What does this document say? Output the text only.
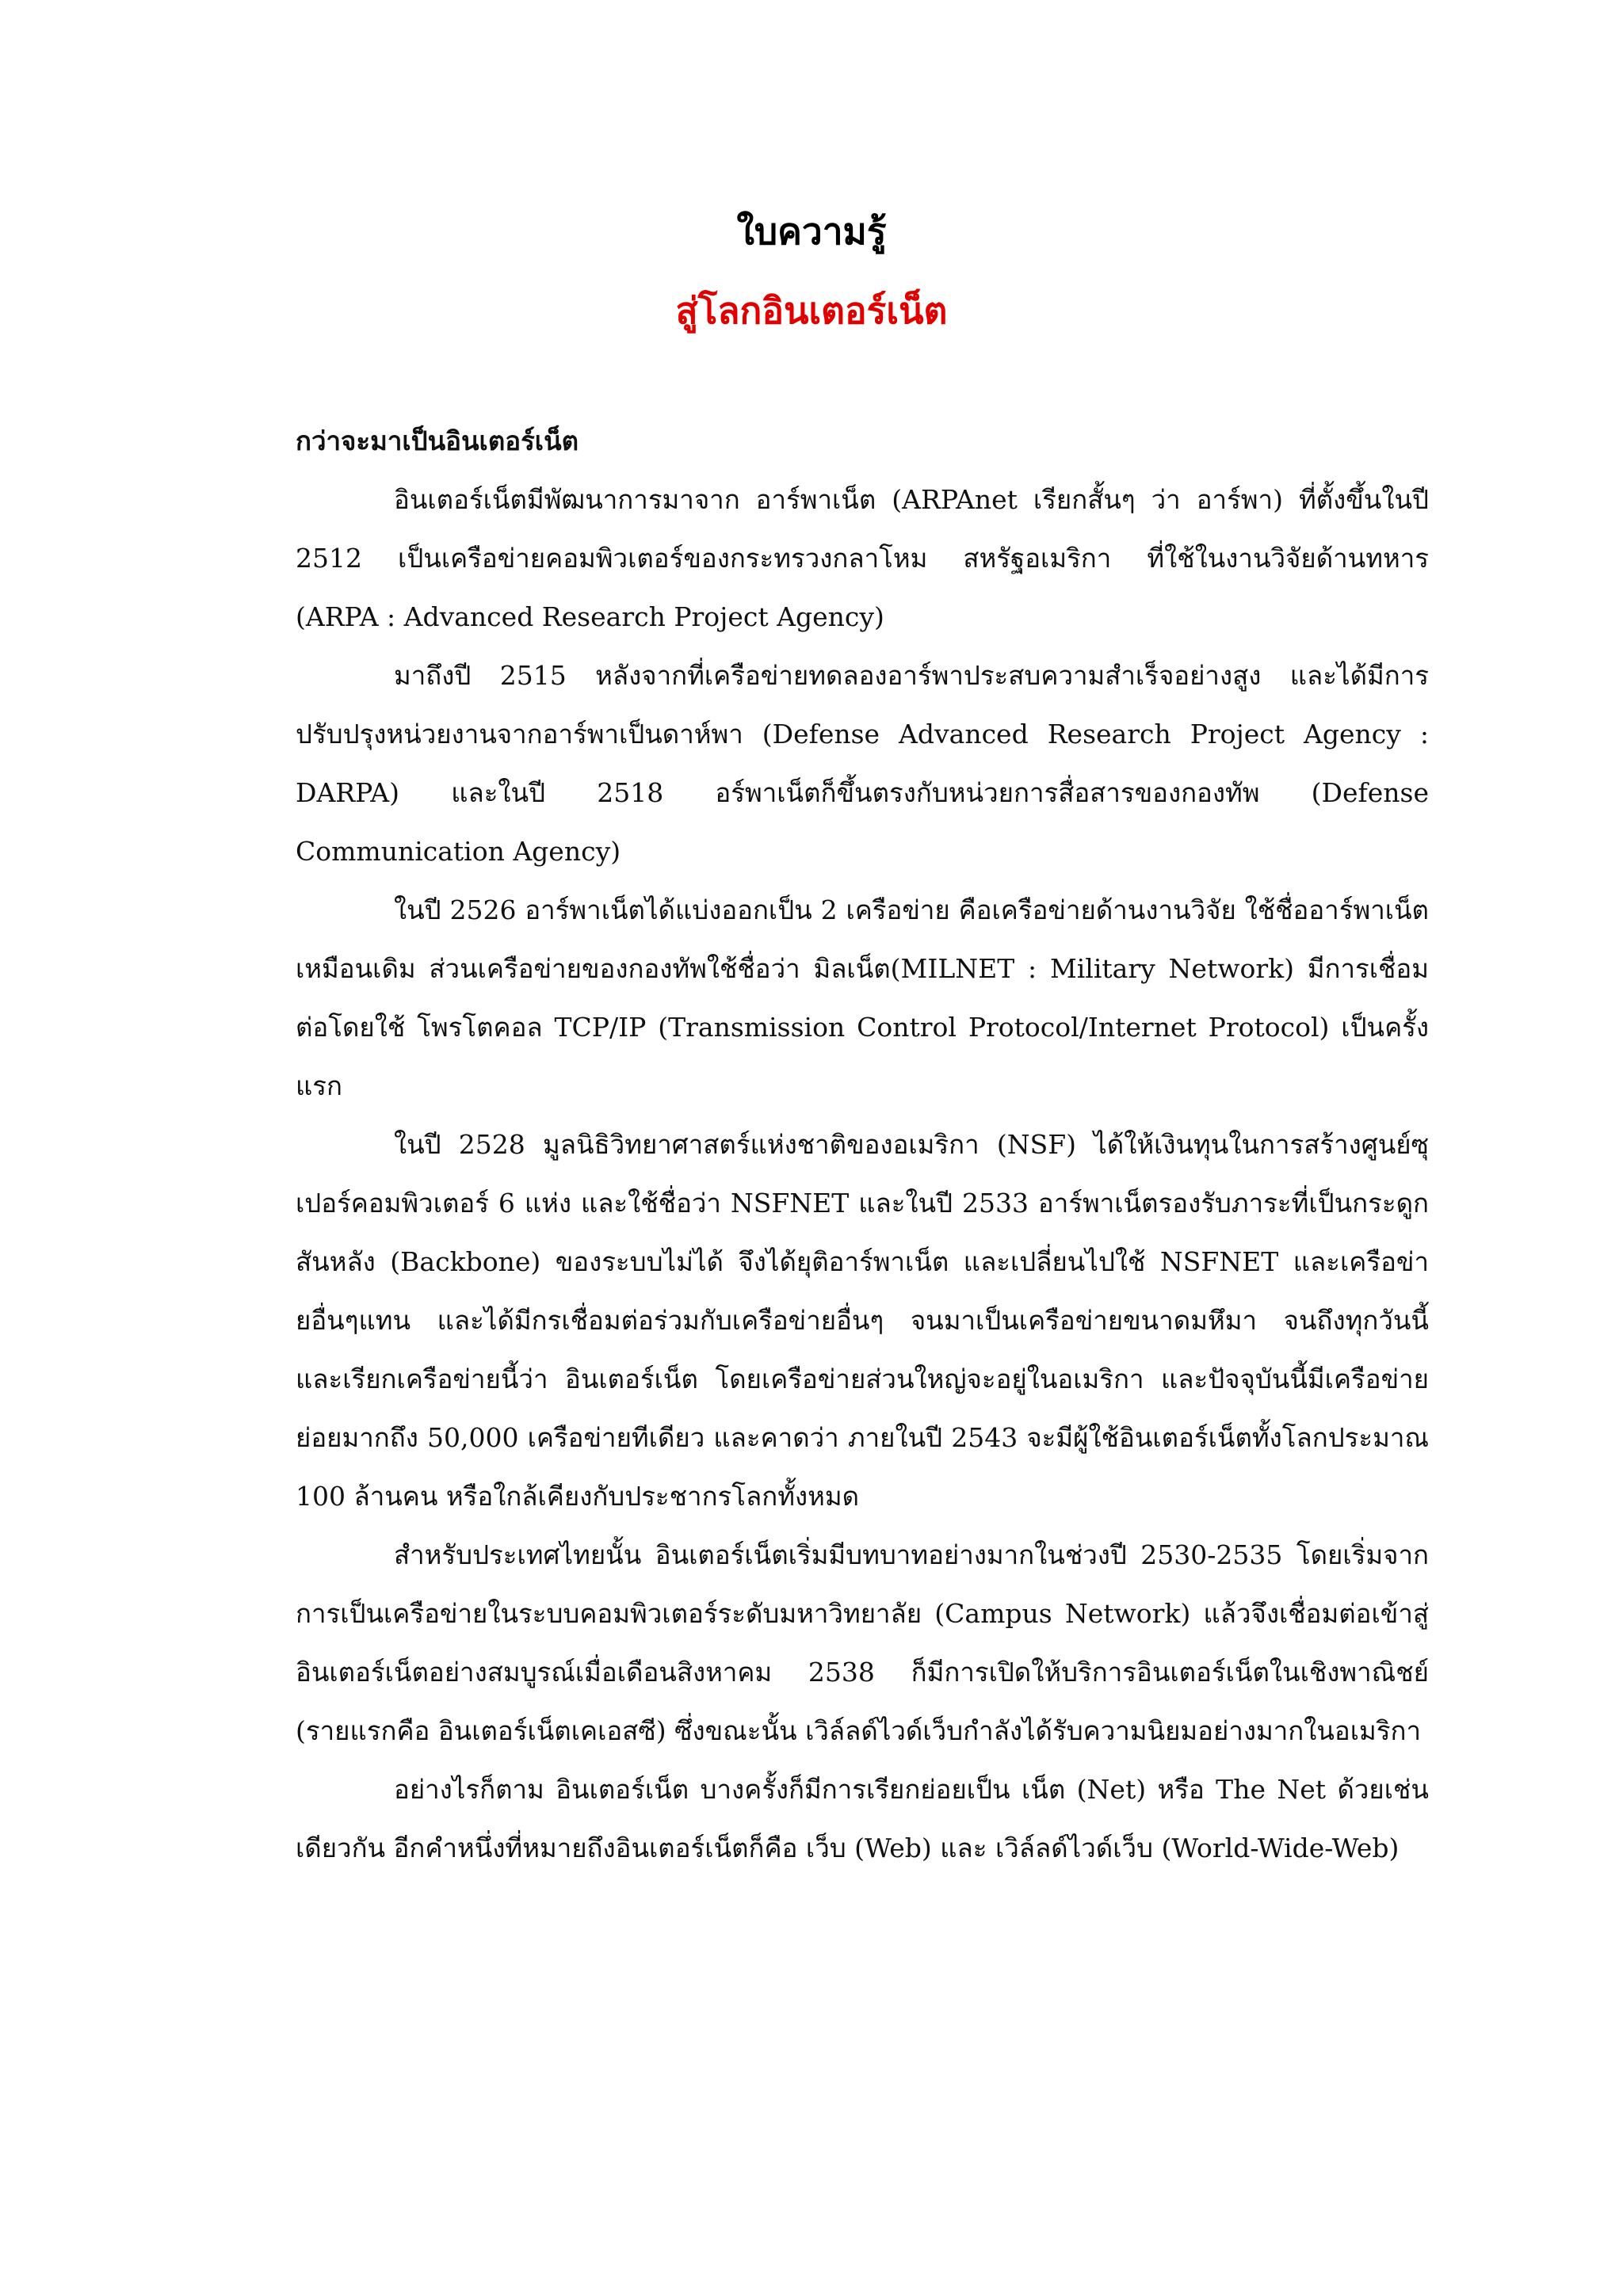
ใบความรู้
สู่โลกอินเตอร์เน็ต

กว่าจะมาเป็นอินเตอร์เน็ต

อินเตอร์เน็ตมีพัฒนาการมาจาก อาร์พาเน็ต (ARPAnet เรียกสั้นๆ ว่า อาร์พา) ที่ตั้งขึ้นในปี 2512 เป็นเครือข่ายคอมพิวเตอร์ของกระทรวงกลาโหม สหรัฐอเมริกา ที่ใช้ในงานวิจัยด้านทหาร (ARPA : Advanced Research Project Agency)

มาถึงปี 2515 หลังจากที่เครือข่ายทดลองอาร์พาประสบความสำเร็จอย่างสูง และได้มีการปรับปรุงหน่วยงานจากอาร์พาเป็นดาห์พา (Defense Advanced Research Project Agency : DARPA) และในปี 2518 อร์พาเน็ตก็ขึ้นตรงกับหน่วยการสื่อสารของกองทัพ (Defense Communication Agency)

ในปี 2526 อาร์พาเน็ตได้แบ่งออกเป็น 2 เครือข่าย คือเครือข่ายด้านงานวิจัย ใช้ชื่ออาร์พาเน็ตเหมือนเดิม ส่วนเครือข่ายของกองทัพใช้ชื่อว่า มิลเน็ต(MILNET : Military Network) มีการเชื่อมต่อโดยใช้ โพรโตคอล TCP/IP (Transmission Control Protocol/Internet Protocol) เป็นครั้งแรก

ในปี 2528 มูลนิธิวิทยาศาสตร์แห่งชาติของอเมริกา (NSF) ได้ให้เงินทุนในการสร้างศูนย์ซุเปอร์คอมพิวเตอร์ 6 แห่ง และใช้ชื่อว่า NSFNET และในปี 2533 อาร์พาเน็ตรองรับภาระที่เป็นกระดูกสันหลัง (Backbone) ของระบบไม่ได้ จึงได้ยุติอาร์พาเน็ต และเปลี่ยนไปใช้ NSFNET และเครือข่ายอื่นๆแทน และได้มีกรเชื่อมต่อร่วมกับเครือข่ายอื่นๆ จนมาเป็นเครือข่ายขนาดมหึมา จนถึงทุกวันนี้ และเรียกเครือข่ายนี้ว่า อินเตอร์เน็ต โดยเครือข่ายส่วนใหญ่จะอยู่ในอเมริกา และปัจจุบันนี้มีเครือข่ายย่อยมากถึง 50,000 เครือข่ายทีเดียว และคาดว่า ภายในปี 2543 จะมีผู้ใช้อินเตอร์เน็ตทั้งโลกประมาณ 100 ล้านคน หรือใกล้เคียงกับประชากรโลกทั้งหมด

สำหรับประเทศไทยนั้น อินเตอร์เน็ตเริ่มมีบทบาทอย่างมากในช่วงปี 2530-2535 โดยเริ่มจากการเป็นเครือข่ายในระบบคอมพิวเตอร์ระดับมหาวิทยาลัย (Campus Network) แล้วจึงเชื่อมต่อเข้าสู่อินเตอร์เน็ตอย่างสมบูรณ์เมื่อเดือนสิงหาคม 2538 ก็มีการเปิดให้บริการอินเตอร์เน็ตในเชิงพาณิชย์ (รายแรกคือ อินเตอร์เน็ตเคเอสซี) ซึ่งขณะนั้น เวิล์ลด์ไวด์เว็บกำลังได้รับความนิยมอย่างมากในอเมริกา

อย่างไรก็ตาม อินเตอร์เน็ต บางครั้งก็มีการเรียกย่อยเป็น เน็ต (Net) หรือ The Net ด้วยเช่นเดียวกัน อีกคำหนึ่งที่หมายถึงอินเตอร์เน็ตก็คือ เว็บ (Web) และ เวิล์ลด์ไวด์เว็บ (World-Wide-Web)
